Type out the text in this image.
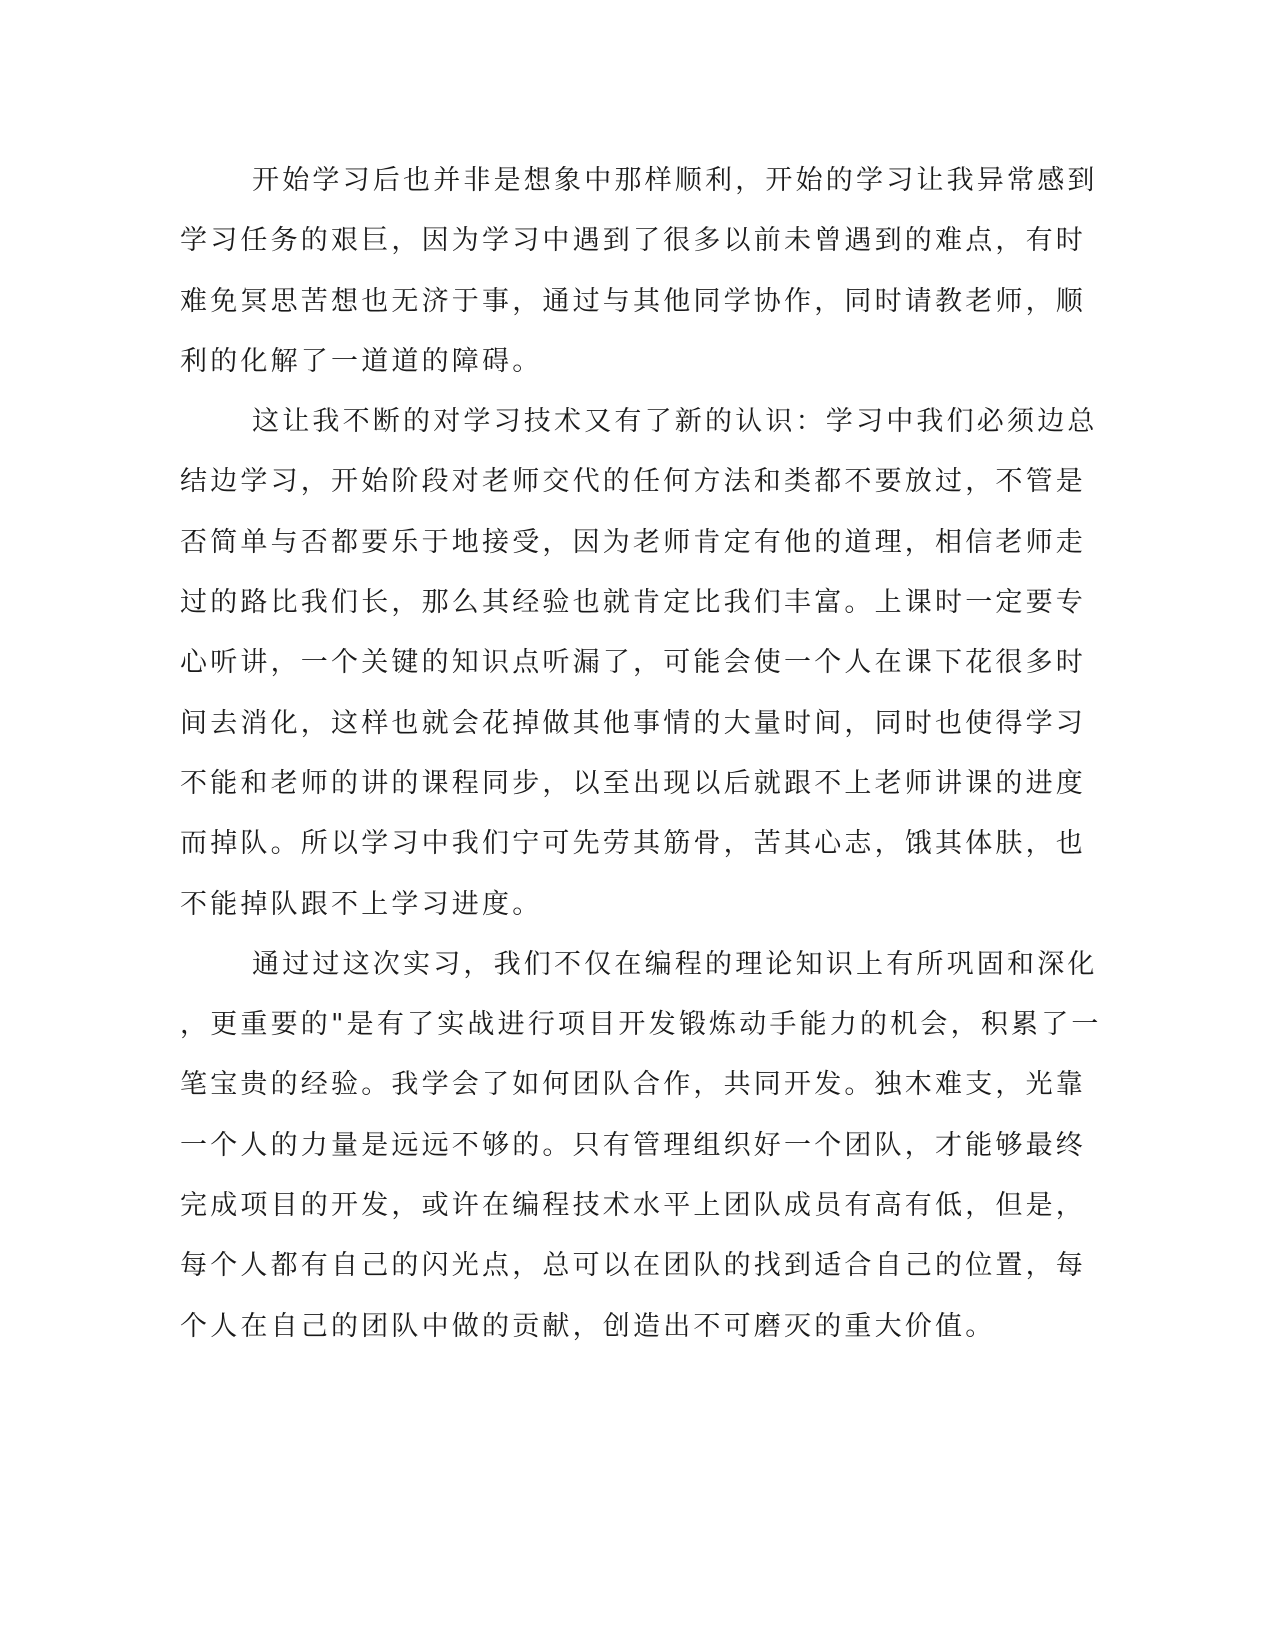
开始学习后也并非是想象中那样顺利，开始的学习让我异常感到
学习任务的艰巨，因为学习中遇到了很多以前未曾遇到的难点，有时
难免冥思苦想也无济于事，通过与其他同学协作，同时请教老师，顺
利的化解了一道道的障碍。
这让我不断的对学习技术又有了新的认识：学习中我们必须边总
结边学习，开始阶段对老师交代的任何方法和类都不要放过，不管是
否简单与否都要乐于地接受，因为老师肯定有他的道理，相信老师走
过的路比我们长，那么其经验也就肯定比我们丰富。上课时一定要专
心听讲，一个关键的知识点听漏了，可能会使一个人在课下花很多时
间去消化，这样也就会花掉做其他事情的大量时间，同时也使得学习
不能和老师的讲的课程同步，以至出现以后就跟不上老师讲课的进度
而掉队。所以学习中我们宁可先劳其筋骨，苦其心志，饿其体肤，也
不能掉队跟不上学习进度。
通过过这次实习，我们不仅在编程的理论知识上有所巩固和深化
，更重要的"是有了实战进行项目开发锻炼动手能力的机会，积累了一
笔宝贵的经验。我学会了如何团队合作，共同开发。独木难支，光靠
一个人的力量是远远不够的。只有管理组织好一个团队，才能够最终
完成项目的开发，或许在编程技术水平上团队成员有高有低，但是，
每个人都有自己的闪光点，总可以在团队的找到适合自己的位置，每
个人在自己的团队中做的贡献，创造出不可磨灭的重大价值。
